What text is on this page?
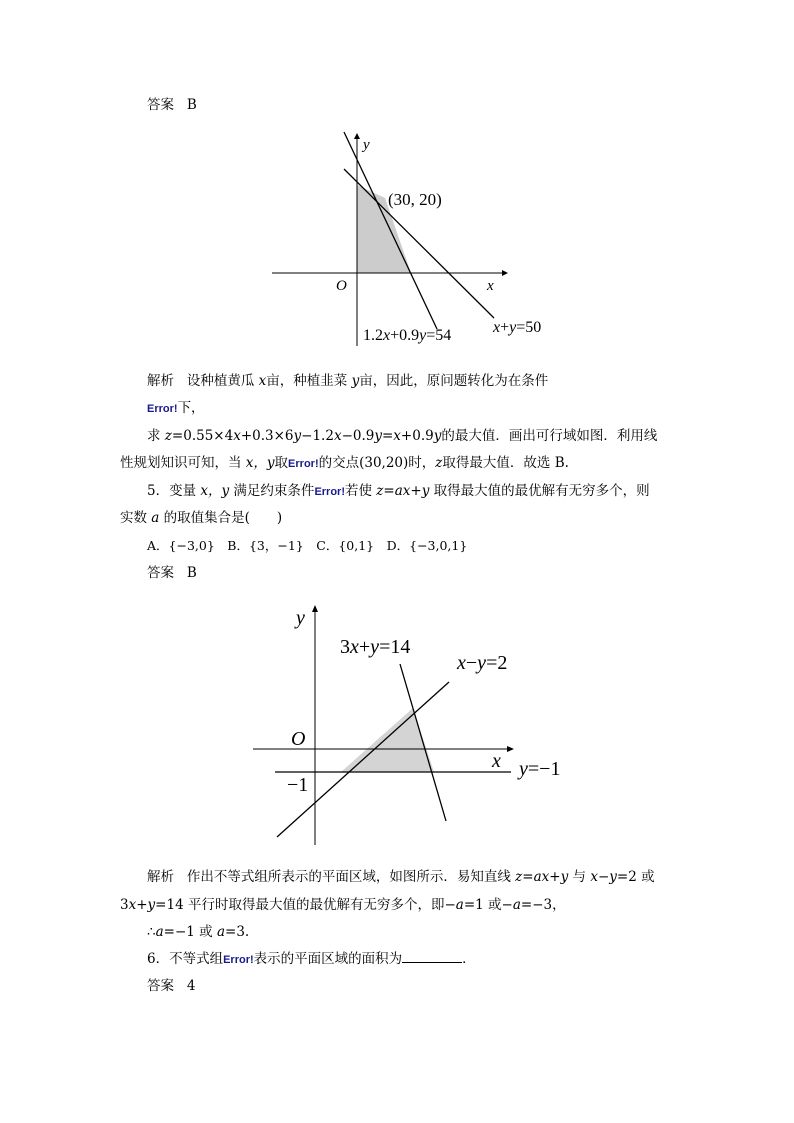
答案 B
y
x
O
(30, 20)
1.2x+0.9y=54	x+y=50
解析 设种植黄瓜 x亩，种植韭菜 y亩，因此，原问题转化为在条件
Error!下，
求 z=0.55×4x+0.3×6y−1.2x−0.9y=x+0.9y的最大值．画出可行域如图．利用线
性规划知识可知，当 x，y取Error!的交点(30,20)时，z取得最大值．故选 B.
5．变量 x，y 满足约束条件Error!若使 z=ax+y 取得最大值的最优解有无穷多个，则
实数 a 的取值集合是(　　)
A．{−3,0}　B．{3，−1}　C．{0,1}　D．{−3,0,1}
答案 B
y
x
O
−1
3x+y=14
x−y=2
y=−1
解析 作出不等式组所表示的平面区域，如图所示．易知直线 z=ax+y 与 x−y=2 或
3x+y=14 平行时取得最大值的最优解有无穷多个，即−a=1 或−a=−3，
∴a=−1 或 a=3.
6．不等式组Error!表示的平面区域的面积为	．
答案 4
